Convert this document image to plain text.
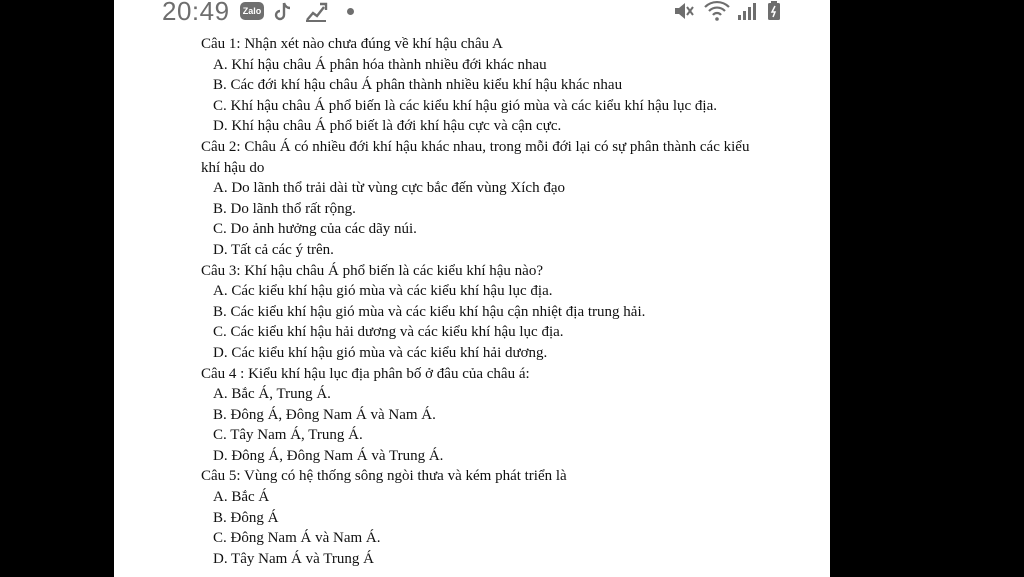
20:49	Zalo
Câu 1: Nhận xét nào chưa đúng về khí hậu châu A
A. Khí hậu châu Á phân hóa thành nhiều đới khác nhau
B. Các đới khí hậu châu Á phân thành nhiều kiểu khí hậu khác nhau
C. Khí hậu châu Á phổ biến là các kiểu khí hậu gió mùa và các kiểu khí hậu lục địa.
D. Khí hậu châu Á phổ biết là đới khí hậu cực và cận cực.
Câu 2: Châu Á có nhiều đới khí hậu khác nhau, trong mỗi đới lại có sự phân thành các kiểu khí hậu do
A. Do lãnh thổ trải dài từ vùng cực bắc đến vùng Xích đạo
B. Do lãnh thổ rất rộng.
C. Do ảnh hưởng của các dãy núi.
D. Tất cả các ý trên.
Câu 3: Khí hậu châu Á phổ biến là các kiểu khí hậu nào?
A. Các kiểu khí hậu gió mùa và các kiểu khí hậu lục địa.
B. Các kiểu khí hậu gió mùa và các kiểu khí hậu cận nhiệt địa trung hải.
C. Các kiểu khí hậu hải dương và các kiểu khí hậu lục địa.
D. Các kiểu khí hậu gió mùa và các kiểu khí hải dương.
Câu 4 : Kiểu khí hậu lục địa phân bố ở đâu của châu á:
A. Bắc Á, Trung Á.
B. Đông Á, Đông Nam Á và Nam Á.
C. Tây Nam Á, Trung Á.
D. Đông Á, Đông Nam Á và Trung Á.
Câu 5: Vùng có hệ thống sông ngòi thưa và kém phát triển là
A. Bắc Á
B. Đông Á
C. Đông Nam Á và Nam Á.
D. Tây Nam Á và Trung Á
